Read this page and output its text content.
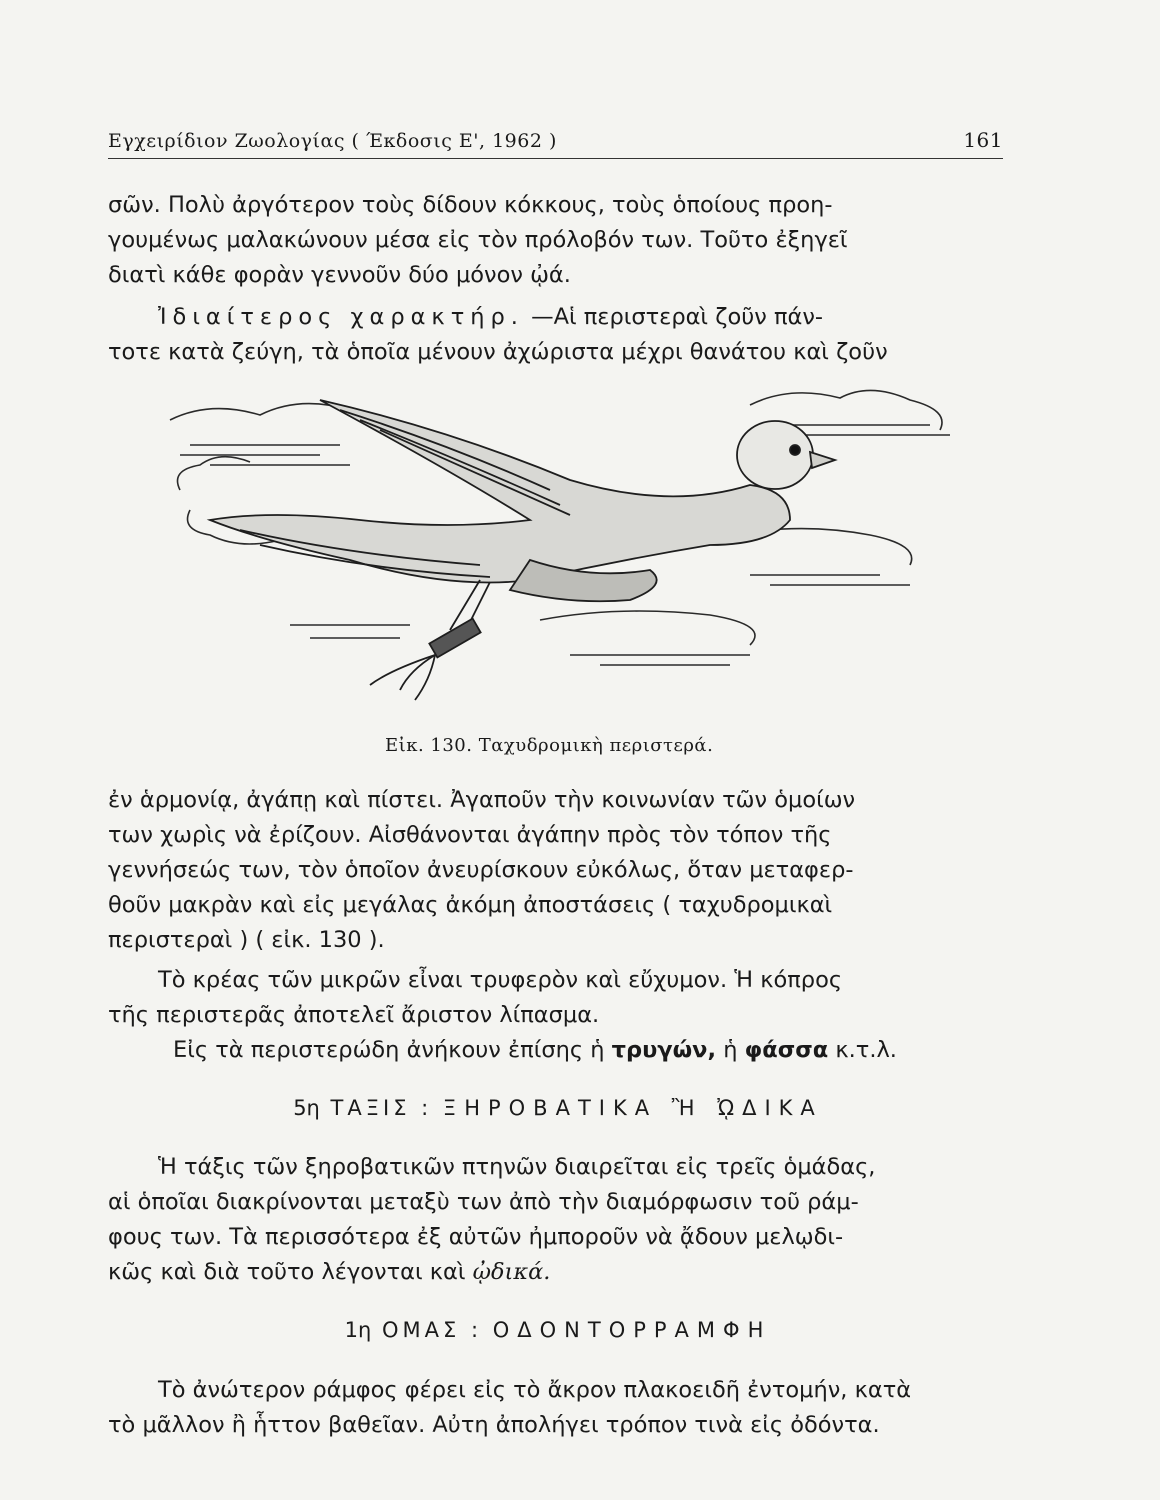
Εγχειρίδιον Ζωολογίας ( Έκδοσις Ε', 1962 )	161

σῶν. Πολὺ ἀργότερον τοὺς δίδουν κόκκους, τοὺς ὁποίους προη-

γουμένως μαλακώνουν μέσα εἰς τὸν πρόλοβόν των. Τοῦτο ἐξηγεῖ

διατὶ κάθε φορὰν γεννοῦν δύο μόνον ᾠά.

Ἰδιαίτερος χαρακτήρ. —Αἱ περιστεραὶ ζοῦν πάν-

τοτε κατὰ ζεύγη, τὰ ὁποῖα μένουν ἀχώριστα μέχρι θανάτου καὶ ζοῦν

Εἰκ. 130. Ταχυδρομικὴ περιστερά.

ἐν ἁρμονίᾳ, ἀγάπῃ καὶ πίστει. Ἀγαποῦν τὴν κοινωνίαν τῶν ὁμοίων

των χωρὶς νὰ ἐρίζουν. Αἰσθάνονται ἀγάπην πρὸς τὸν τόπον τῆς

γεννήσεώς των, τὸν ὁποῖον ἀνευρίσκουν εὐκόλως, ὅταν μεταφερ-

θοῦν μακρὰν καὶ εἰς μεγάλας ἀκόμη ἀποστάσεις ( ταχυδρομικαὶ

περιστεραὶ ) ( εἰκ. 130 ).

Τὸ κρέας τῶν μικρῶν εἶναι τρυφερὸν καὶ εὔχυμον. Ἡ κόπρος

τῆς περιστερᾶς ἀποτελεῖ ἄριστον λίπασμα.

Εἰς τὰ περιστερώδη ἀνήκουν ἐπίσης ἡ τρυγών, ἡ φάσσα κ.τ.λ.

5η ΤΑΞΙΣ : ΞΗΡΟΒΑΤΙΚΑ Ἢ ᾨΔΙΚΑ

Ἡ τάξις τῶν ξηροβατικῶν πτηνῶν διαιρεῖται εἰς τρεῖς ὁμάδας,

αἱ ὁποῖαι διακρίνονται μεταξὺ των ἀπὸ τὴν διαμόρφωσιν τοῦ ράμ-

φους των. Τὰ περισσότερα ἐξ αὐτῶν ἠμποροῦν νὰ ᾄδουν μελῳδι-

κῶς καὶ διὰ τοῦτο λέγονται καὶ ᾠδικά.

1η ΟΜΑΣ : ΟΔΟΝΤΟΡΡΑΜΦΗ

Τὸ ἀνώτερον ράμφος φέρει εἰς τὸ ἄκρον πλακοειδῆ ἐντομήν, κατὰ

τὸ μᾶλλον ἢ ἧττον βαθεῖαν. Αὐτη ἀπολήγει τρόπον τινὰ εἰς ὀδόντα.
